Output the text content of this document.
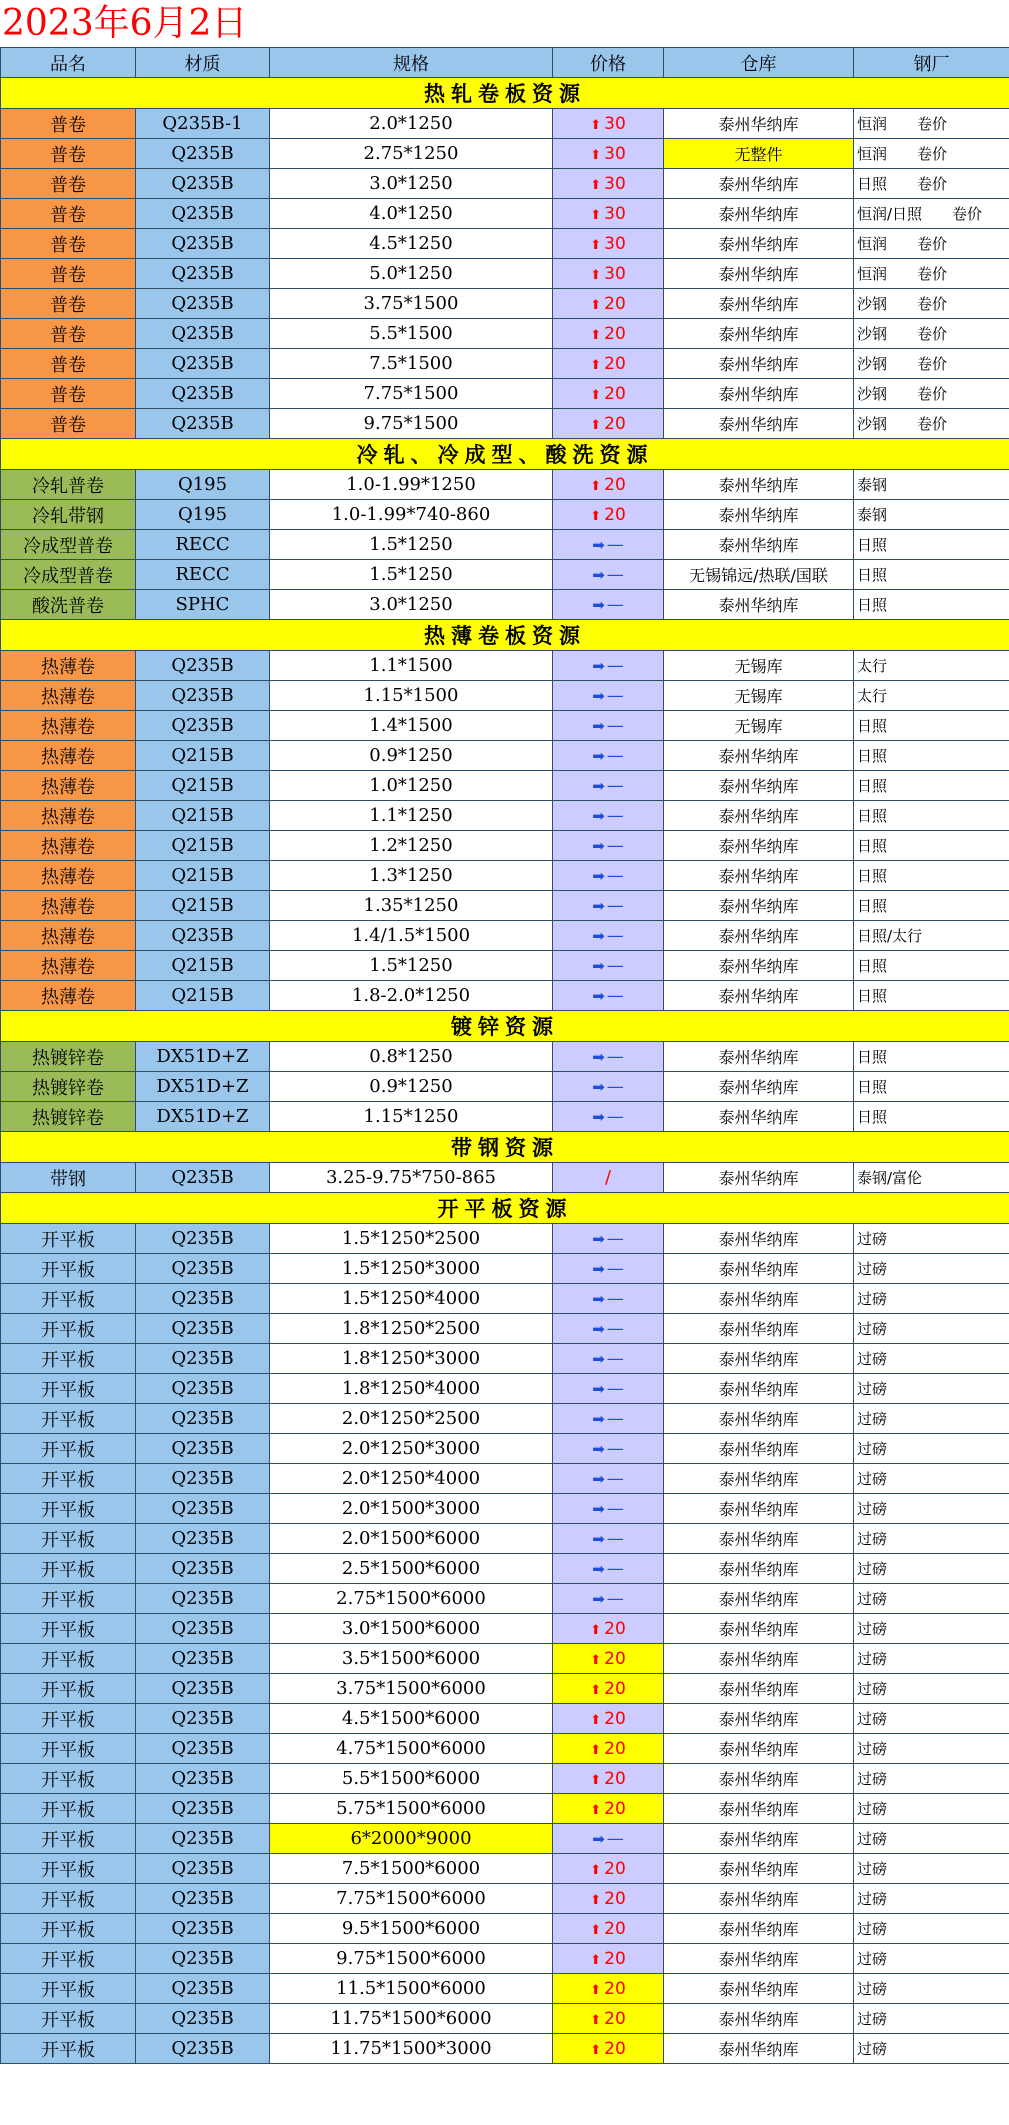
2023年6月2日
品名	材质	规格	价格	仓库	钢厂
热轧卷板资源					
普卷	Q235B-1	2.0*1250	⬆ 30	泰州华纳库	恒润　　卷价
普卷	Q235B	2.75*1250	⬆ 30	无整件	恒润　　卷价
普卷	Q235B	3.0*1250	⬆ 30	泰州华纳库	日照　　卷价
普卷	Q235B	4.0*1250	⬆ 30	泰州华纳库	恒润/日照　　卷价
普卷	Q235B	4.5*1250	⬆ 30	泰州华纳库	恒润　　卷价
普卷	Q235B	5.0*1250	⬆ 30	泰州华纳库	恒润　　卷价
普卷	Q235B	3.75*1500	⬆ 20	泰州华纳库	沙钢　　卷价
普卷	Q235B	5.5*1500	⬆ 20	泰州华纳库	沙钢　　卷价
普卷	Q235B	7.5*1500	⬆ 20	泰州华纳库	沙钢　　卷价
普卷	Q235B	7.75*1500	⬆ 20	泰州华纳库	沙钢　　卷价
普卷	Q235B	9.75*1500	⬆ 20	泰州华纳库	沙钢　　卷价
冷轧、冷成型、酸洗资源					
冷轧普卷	Q195	1.0-1.99*1250	⬆ 20	泰州华纳库	泰钢
冷轧带钢	Q195	1.0-1.99*740-860	⬆ 20	泰州华纳库	泰钢
冷成型普卷	RECC	1.5*1250	➡ —	泰州华纳库	日照
冷成型普卷	RECC	1.5*1250	➡ —	无锡锦远/热联/国联	日照
酸洗普卷	SPHC	3.0*1250	➡ —	泰州华纳库	日照
热薄卷板资源					
热薄卷	Q235B	1.1*1500	➡ —	无锡库	太行
热薄卷	Q235B	1.15*1500	➡ —	无锡库	太行
热薄卷	Q235B	1.4*1500	➡ —	无锡库	日照
热薄卷	Q215B	0.9*1250	➡ —	泰州华纳库	日照
热薄卷	Q215B	1.0*1250	➡ —	泰州华纳库	日照
热薄卷	Q215B	1.1*1250	➡ —	泰州华纳库	日照
热薄卷	Q215B	1.2*1250	➡ —	泰州华纳库	日照
热薄卷	Q215B	1.3*1250	➡ —	泰州华纳库	日照
热薄卷	Q215B	1.35*1250	➡ —	泰州华纳库	日照
热薄卷	Q235B	1.4/1.5*1500	➡ —	泰州华纳库	日照/太行
热薄卷	Q215B	1.5*1250	➡ —	泰州华纳库	日照
热薄卷	Q215B	1.8-2.0*1250	➡ —	泰州华纳库	日照
镀锌资源					
热镀锌卷	DX51D+Z	0.8*1250	➡ —	泰州华纳库	日照
热镀锌卷	DX51D+Z	0.9*1250	➡ —	泰州华纳库	日照
热镀锌卷	DX51D+Z	1.15*1250	➡ —	泰州华纳库	日照
带钢资源					
带钢	Q235B	3.25-9.75*750-865	/	泰州华纳库	泰钢/富伦
开平板资源					
开平板	Q235B	1.5*1250*2500	➡ —	泰州华纳库	过磅
开平板	Q235B	1.5*1250*3000	➡ —	泰州华纳库	过磅
开平板	Q235B	1.5*1250*4000	➡ —	泰州华纳库	过磅
开平板	Q235B	1.8*1250*2500	➡ —	泰州华纳库	过磅
开平板	Q235B	1.8*1250*3000	➡ —	泰州华纳库	过磅
开平板	Q235B	1.8*1250*4000	➡ —	泰州华纳库	过磅
开平板	Q235B	2.0*1250*2500	➡ —	泰州华纳库	过磅
开平板	Q235B	2.0*1250*3000	➡ —	泰州华纳库	过磅
开平板	Q235B	2.0*1250*4000	➡ —	泰州华纳库	过磅
开平板	Q235B	2.0*1500*3000	➡ —	泰州华纳库	过磅
开平板	Q235B	2.0*1500*6000	➡ —	泰州华纳库	过磅
开平板	Q235B	2.5*1500*6000	➡ —	泰州华纳库	过磅
开平板	Q235B	2.75*1500*6000	➡ —	泰州华纳库	过磅
开平板	Q235B	3.0*1500*6000	⬆ 20	泰州华纳库	过磅
开平板	Q235B	3.5*1500*6000	⬆ 20	泰州华纳库	过磅
开平板	Q235B	3.75*1500*6000	⬆ 20	泰州华纳库	过磅
开平板	Q235B	4.5*1500*6000	⬆ 20	泰州华纳库	过磅
开平板	Q235B	4.75*1500*6000	⬆ 20	泰州华纳库	过磅
开平板	Q235B	5.5*1500*6000	⬆ 20	泰州华纳库	过磅
开平板	Q235B	5.75*1500*6000	⬆ 20	泰州华纳库	过磅
开平板	Q235B	6*2000*9000	➡ —	泰州华纳库	过磅
开平板	Q235B	7.5*1500*6000	⬆ 20	泰州华纳库	过磅
开平板	Q235B	7.75*1500*6000	⬆ 20	泰州华纳库	过磅
开平板	Q235B	9.5*1500*6000	⬆ 20	泰州华纳库	过磅
开平板	Q235B	9.75*1500*6000	⬆ 20	泰州华纳库	过磅
开平板	Q235B	11.5*1500*6000	⬆ 20	泰州华纳库	过磅
开平板	Q235B	11.75*1500*6000	⬆ 20	泰州华纳库	过磅
开平板	Q235B	11.75*1500*3000	⬆ 20	泰州华纳库	过磅
